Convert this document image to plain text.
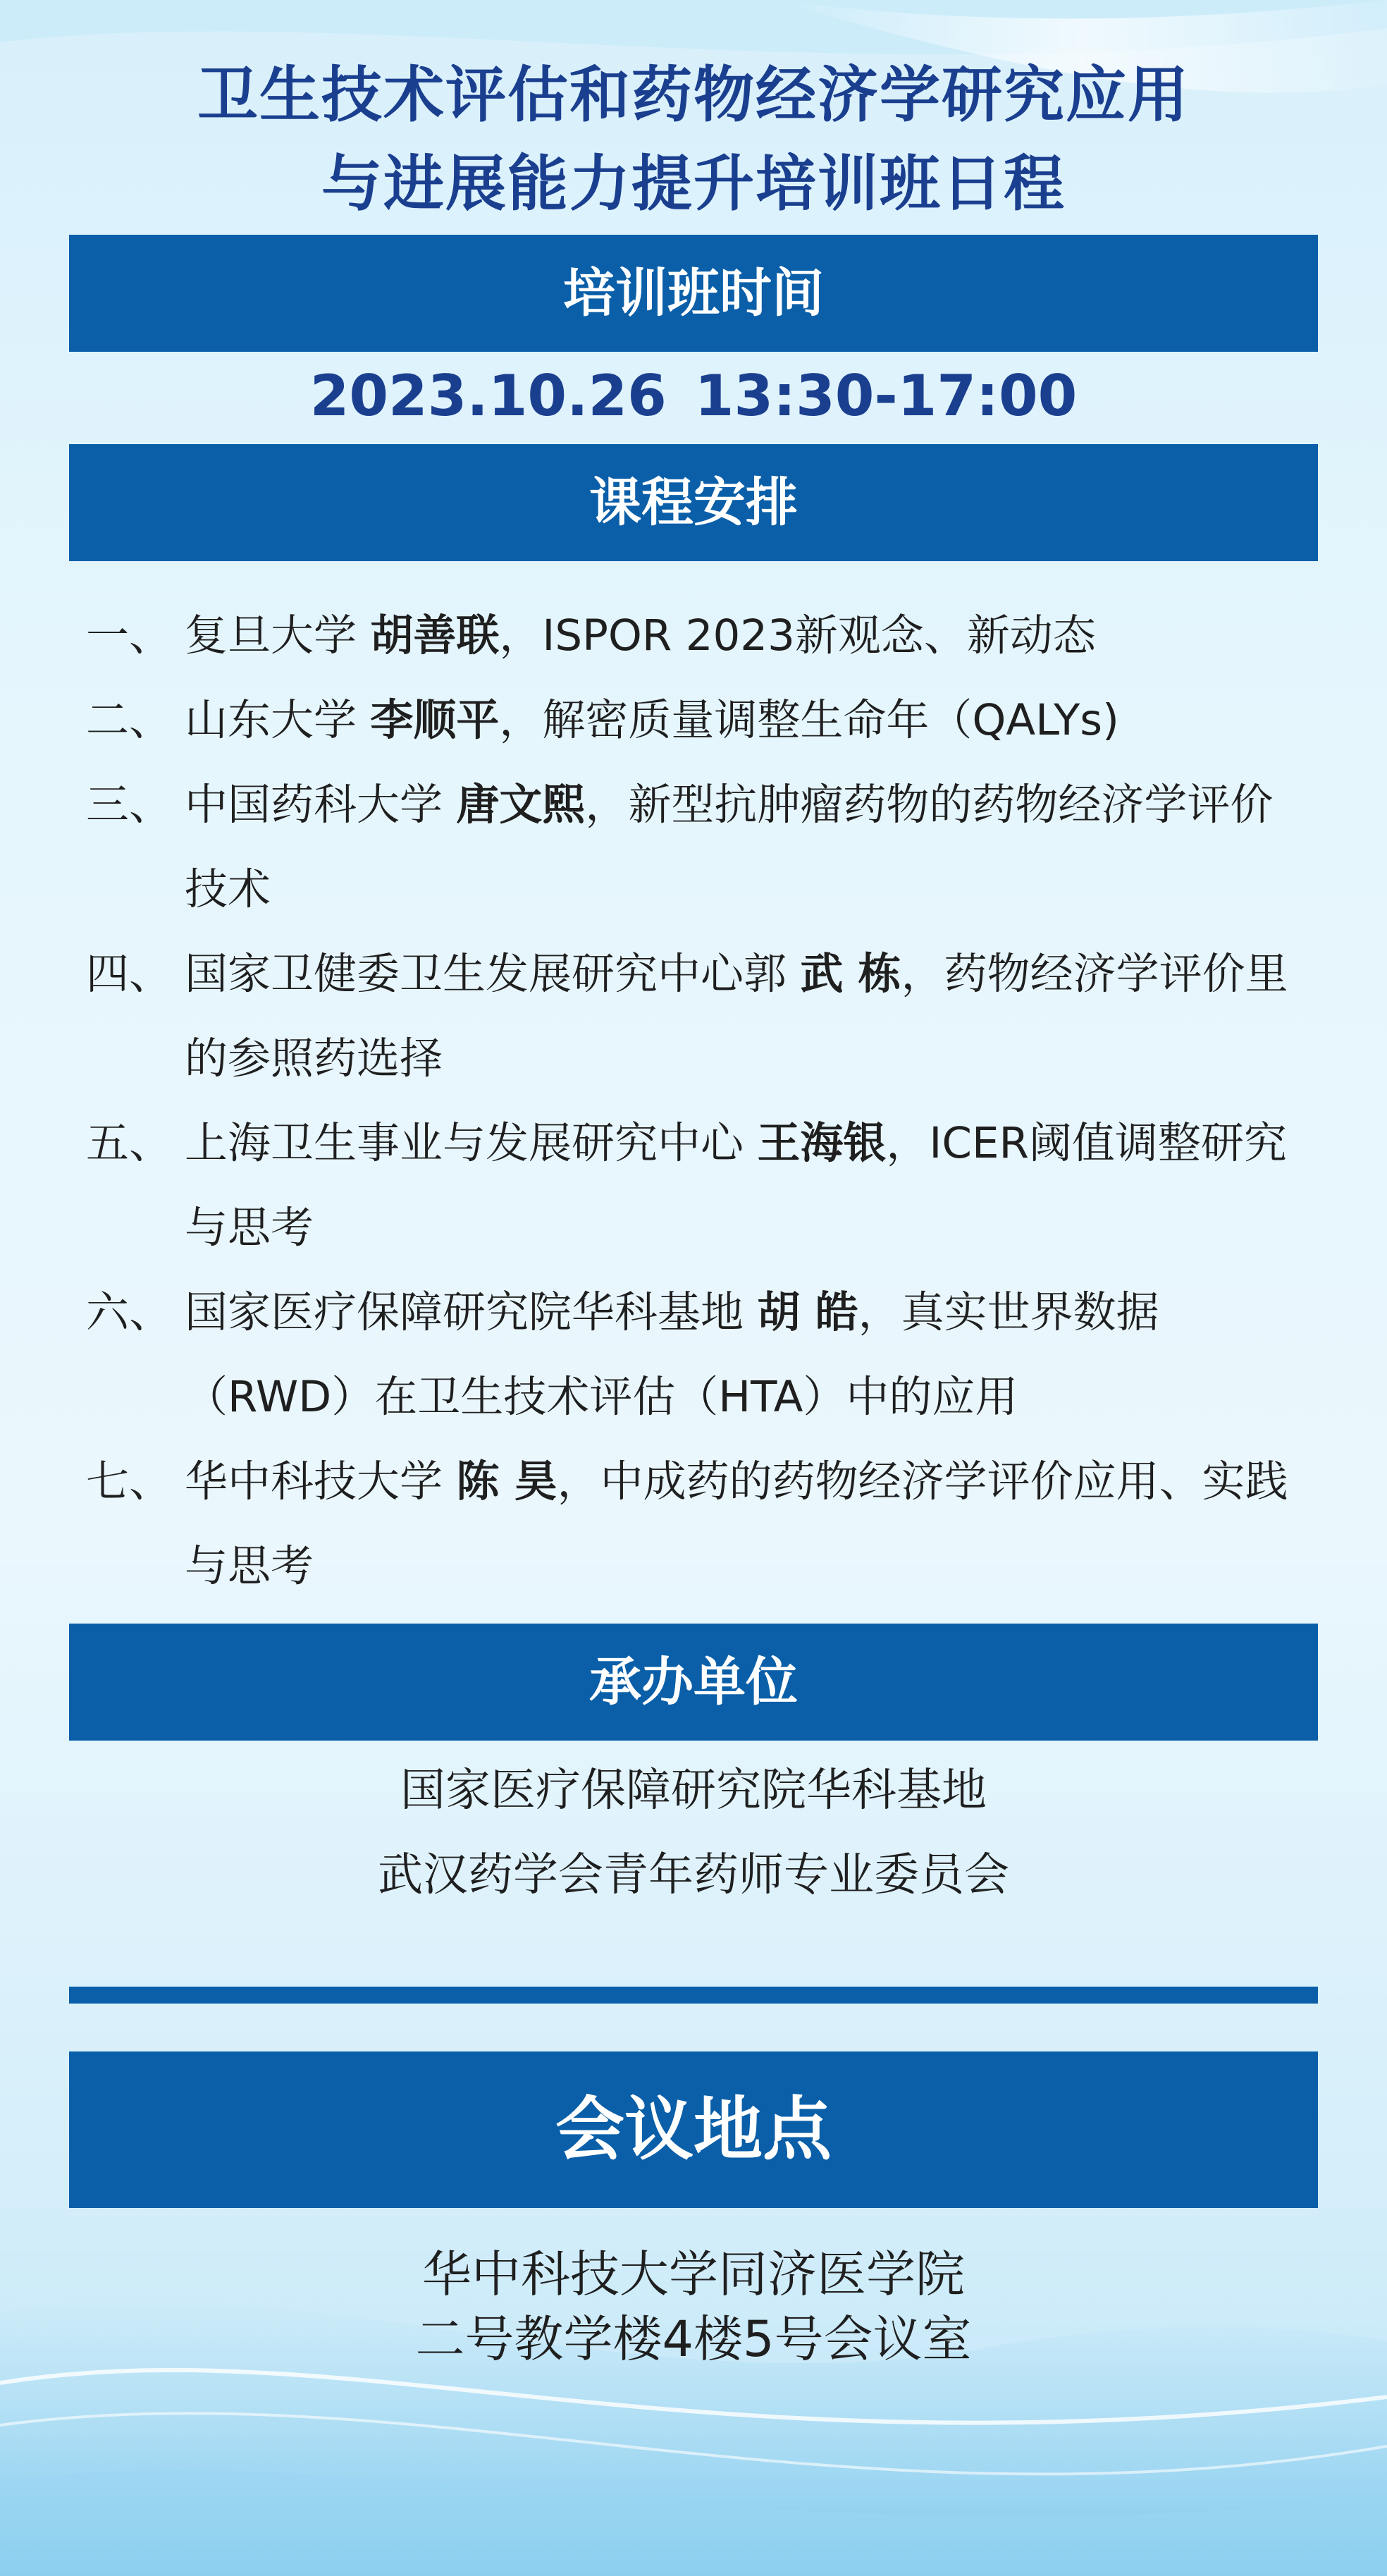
卫生技术评估和药物经济学研究应用
与进展能力提升培训班日程
培训班时间
2023.10.26 13:30-17:00
课程安排
一、 复旦大学 胡善联，ISPOR 2023新观念、新动态
二、 山东大学 李顺平，解密质量调整生命年（QALYs)
三、 中国药科大学 唐文熙，新型抗肿瘤药物的药物经济学评价技术
四、 国家卫健委卫生发展研究中心郭 武 栋，药物经济学评价里的参照药选择
五、 上海卫生事业与发展研究中心 王海银，ICER阈值调整研究与思考
六、 国家医疗保障研究院华科基地 胡 皓，真实世界数据（RWD）在卫生技术评估（HTA）中的应用
七、 华中科技大学 陈 昊，中成药的药物经济学评价应用、实践与思考
承办单位
国家医疗保障研究院华科基地
武汉药学会青年药师专业委员会
会议地点
华中科技大学同济医学院
二号教学楼4楼5号会议室
